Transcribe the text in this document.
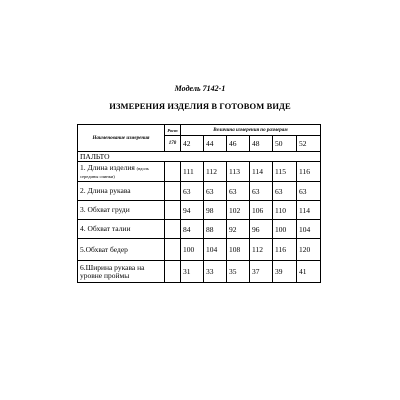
Модель 7142-1
ИЗМЕРЕНИЯ ИЗДЕЛИЯ В ГОТОВОМ ВИДЕ
Наименование измерения	Рост	Величина измерения по размерам					
	170	42	44	46	48	50	52
ПАЛЬТО							
1. Длина изделия (вдоль середины спинки)		111	112	113	114	115	116
2. Длина рукава		63	63	63	63	63	63
3. Обхват груди		94	98	102	106	110	114
4. Обхват талии		84	88	92	96	100	104
5.Обхват бедер		100	104	108	112	116	120
6.Ширина рукава на уровне проймы		31	33	35	37	39	41
